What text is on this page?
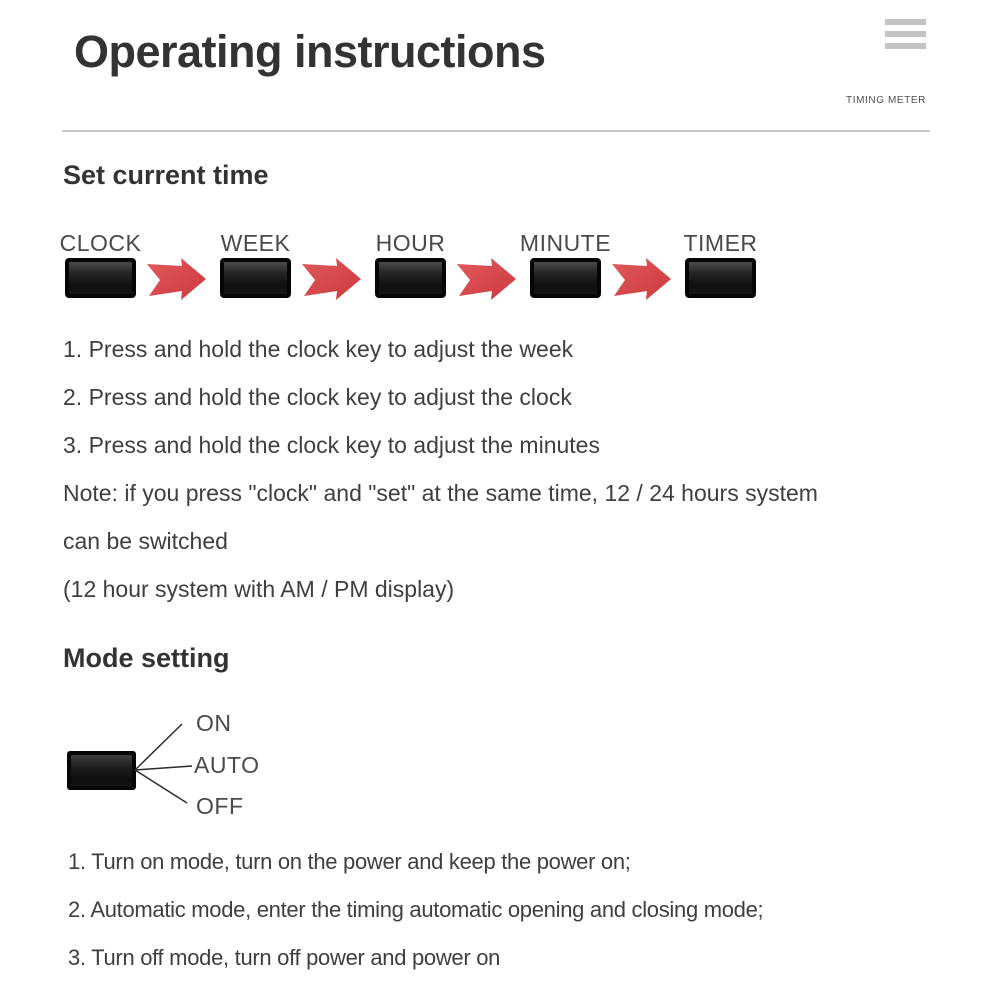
Operating instructions
TIMING METER
Set current time
CLOCK	WEEK	HOUR	MINUTE	TIMER
1. Press and hold the clock key to adjust the week
2. Press and hold the clock key to adjust the clock
3. Press and hold the clock key to adjust the minutes
Note: if you press "clock" and "set" at the same time, 12 / 24 hours system
can be switched
(12 hour system with AM / PM display)
Mode setting
ON
AUTO
OFF
1. Turn on mode, turn on the power and keep the power on;
2. Automatic mode, enter the timing automatic opening and closing mode;
3. Turn off mode, turn off power and power on
